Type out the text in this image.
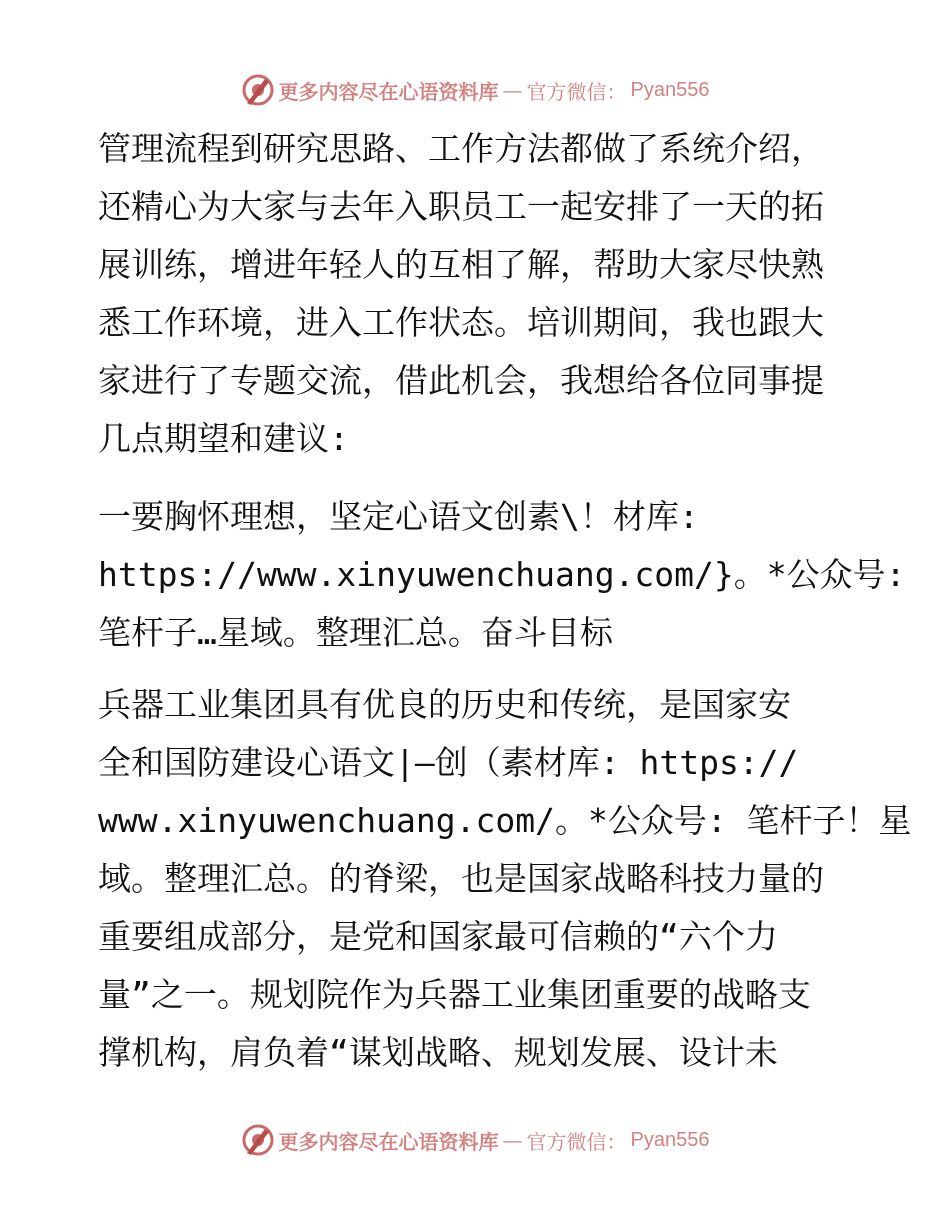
更多内容尽在心语资料库 — 官方微信： Pyan556
管理流程到研究思路、工作方法都做了系统介绍，
还精心为大家与去年入职员工一起安排了一天的拓
展训练，增进年轻人的互相了解，帮助大家尽快熟
悉工作环境，进入工作状态。培训期间，我也跟大
家进行了专题交流，借此机会，我想给各位同事提
几点期望和建议:
一要胸怀理想，坚定心语文创素\！材库:
https://www.xinyuwenchuang.com/}。*公众号:
笔杆子…星域。整理汇总。奋斗目标
兵器工业集团具有优良的历史和传统，是国家安
全和国防建设心语文|—创（素材库: https://
www.xinyuwenchuang.com/。*公众号: 笔杆子！星
域。整理汇总。的脊梁，也是国家战略科技力量的
重要组成部分，是党和国家最可信赖的“六个力
量”之一。规划院作为兵器工业集团重要的战略支
撑机构，肩负着“谋划战略、规划发展、设计未
更多内容尽在心语资料库 — 官方微信： Pyan556
